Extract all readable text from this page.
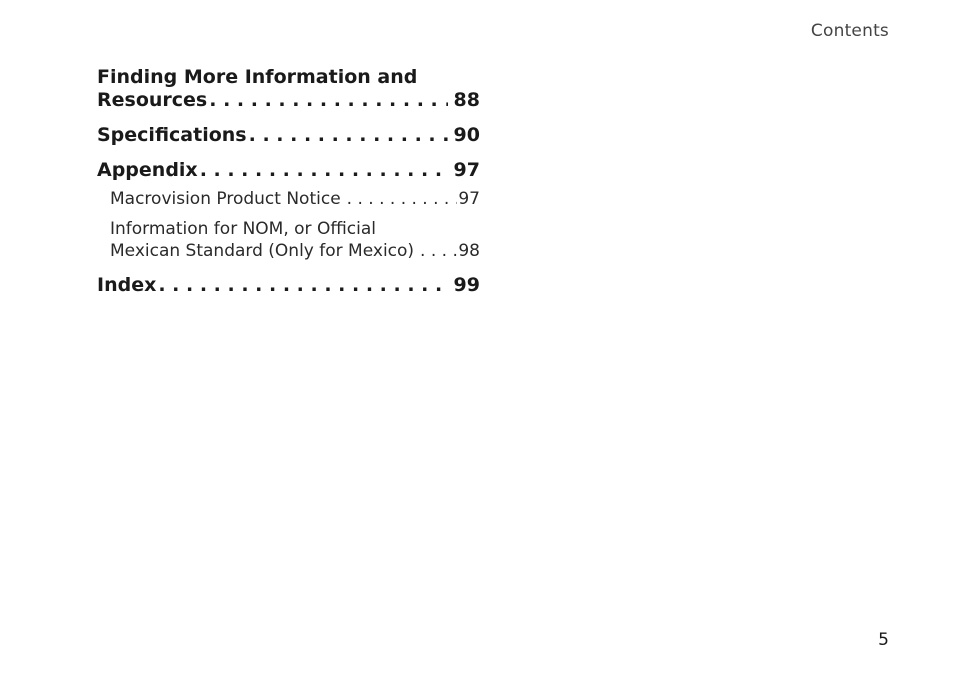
Contents
Finding More Information and
Resources . . .	88
Specifications . . .	90
Appendix . . .	97
Macrovision Product Notice . . .	97
Information for NOM, or Official
Mexican Standard (Only for Mexico) . . .	98
Index . . .	99
5
